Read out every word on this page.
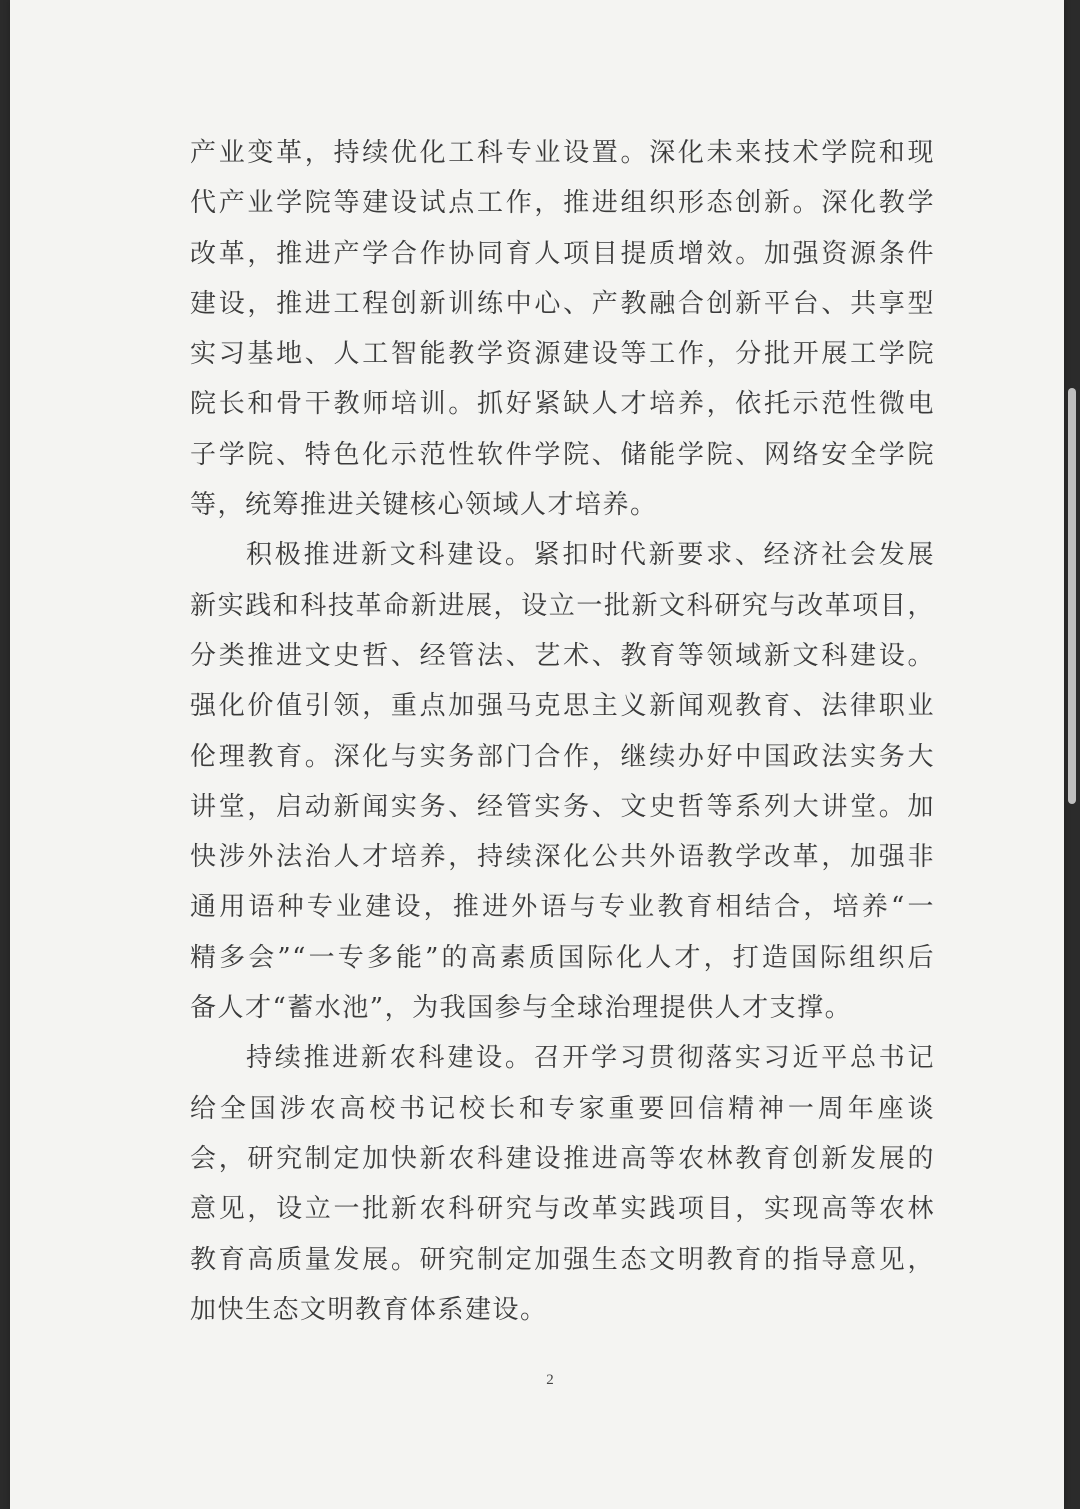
产业变革，持续优化工科专业设置。深化未来技术学院和现
代产业学院等建设试点工作，推进组织形态创新。深化教学
改革，推进产学合作协同育人项目提质增效。加强资源条件
建设，推进工程创新训练中心、产教融合创新平台、共享型
实习基地、人工智能教学资源建设等工作，分批开展工学院
院长和骨干教师培训。抓好紧缺人才培养，依托示范性微电
子学院、特色化示范性软件学院、储能学院、网络安全学院
等，统筹推进关键核心领域人才培养。
积极推进新文科建设。紧扣时代新要求、经济社会发展
新实践和科技革命新进展，设立一批新文科研究与改革项目，
分类推进文史哲、经管法、艺术、教育等领域新文科建设。
强化价值引领，重点加强马克思主义新闻观教育、法律职业
伦理教育。深化与实务部门合作，继续办好中国政法实务大
讲堂，启动新闻实务、经管实务、文史哲等系列大讲堂。加
快涉外法治人才培养，持续深化公共外语教学改革，加强非
通用语种专业建设，推进外语与专业教育相结合，培养“一
精多会”“一专多能”的高素质国际化人才，打造国际组织后
备人才“蓄水池”，为我国参与全球治理提供人才支撑。
持续推进新农科建设。召开学习贯彻落实习近平总书记
给全国涉农高校书记校长和专家重要回信精神一周年座谈
会，研究制定加快新农科建设推进高等农林教育创新发展的
意见，设立一批新农科研究与改革实践项目，实现高等农林
教育高质量发展。研究制定加强生态文明教育的指导意见，
加快生态文明教育体系建设。
2
